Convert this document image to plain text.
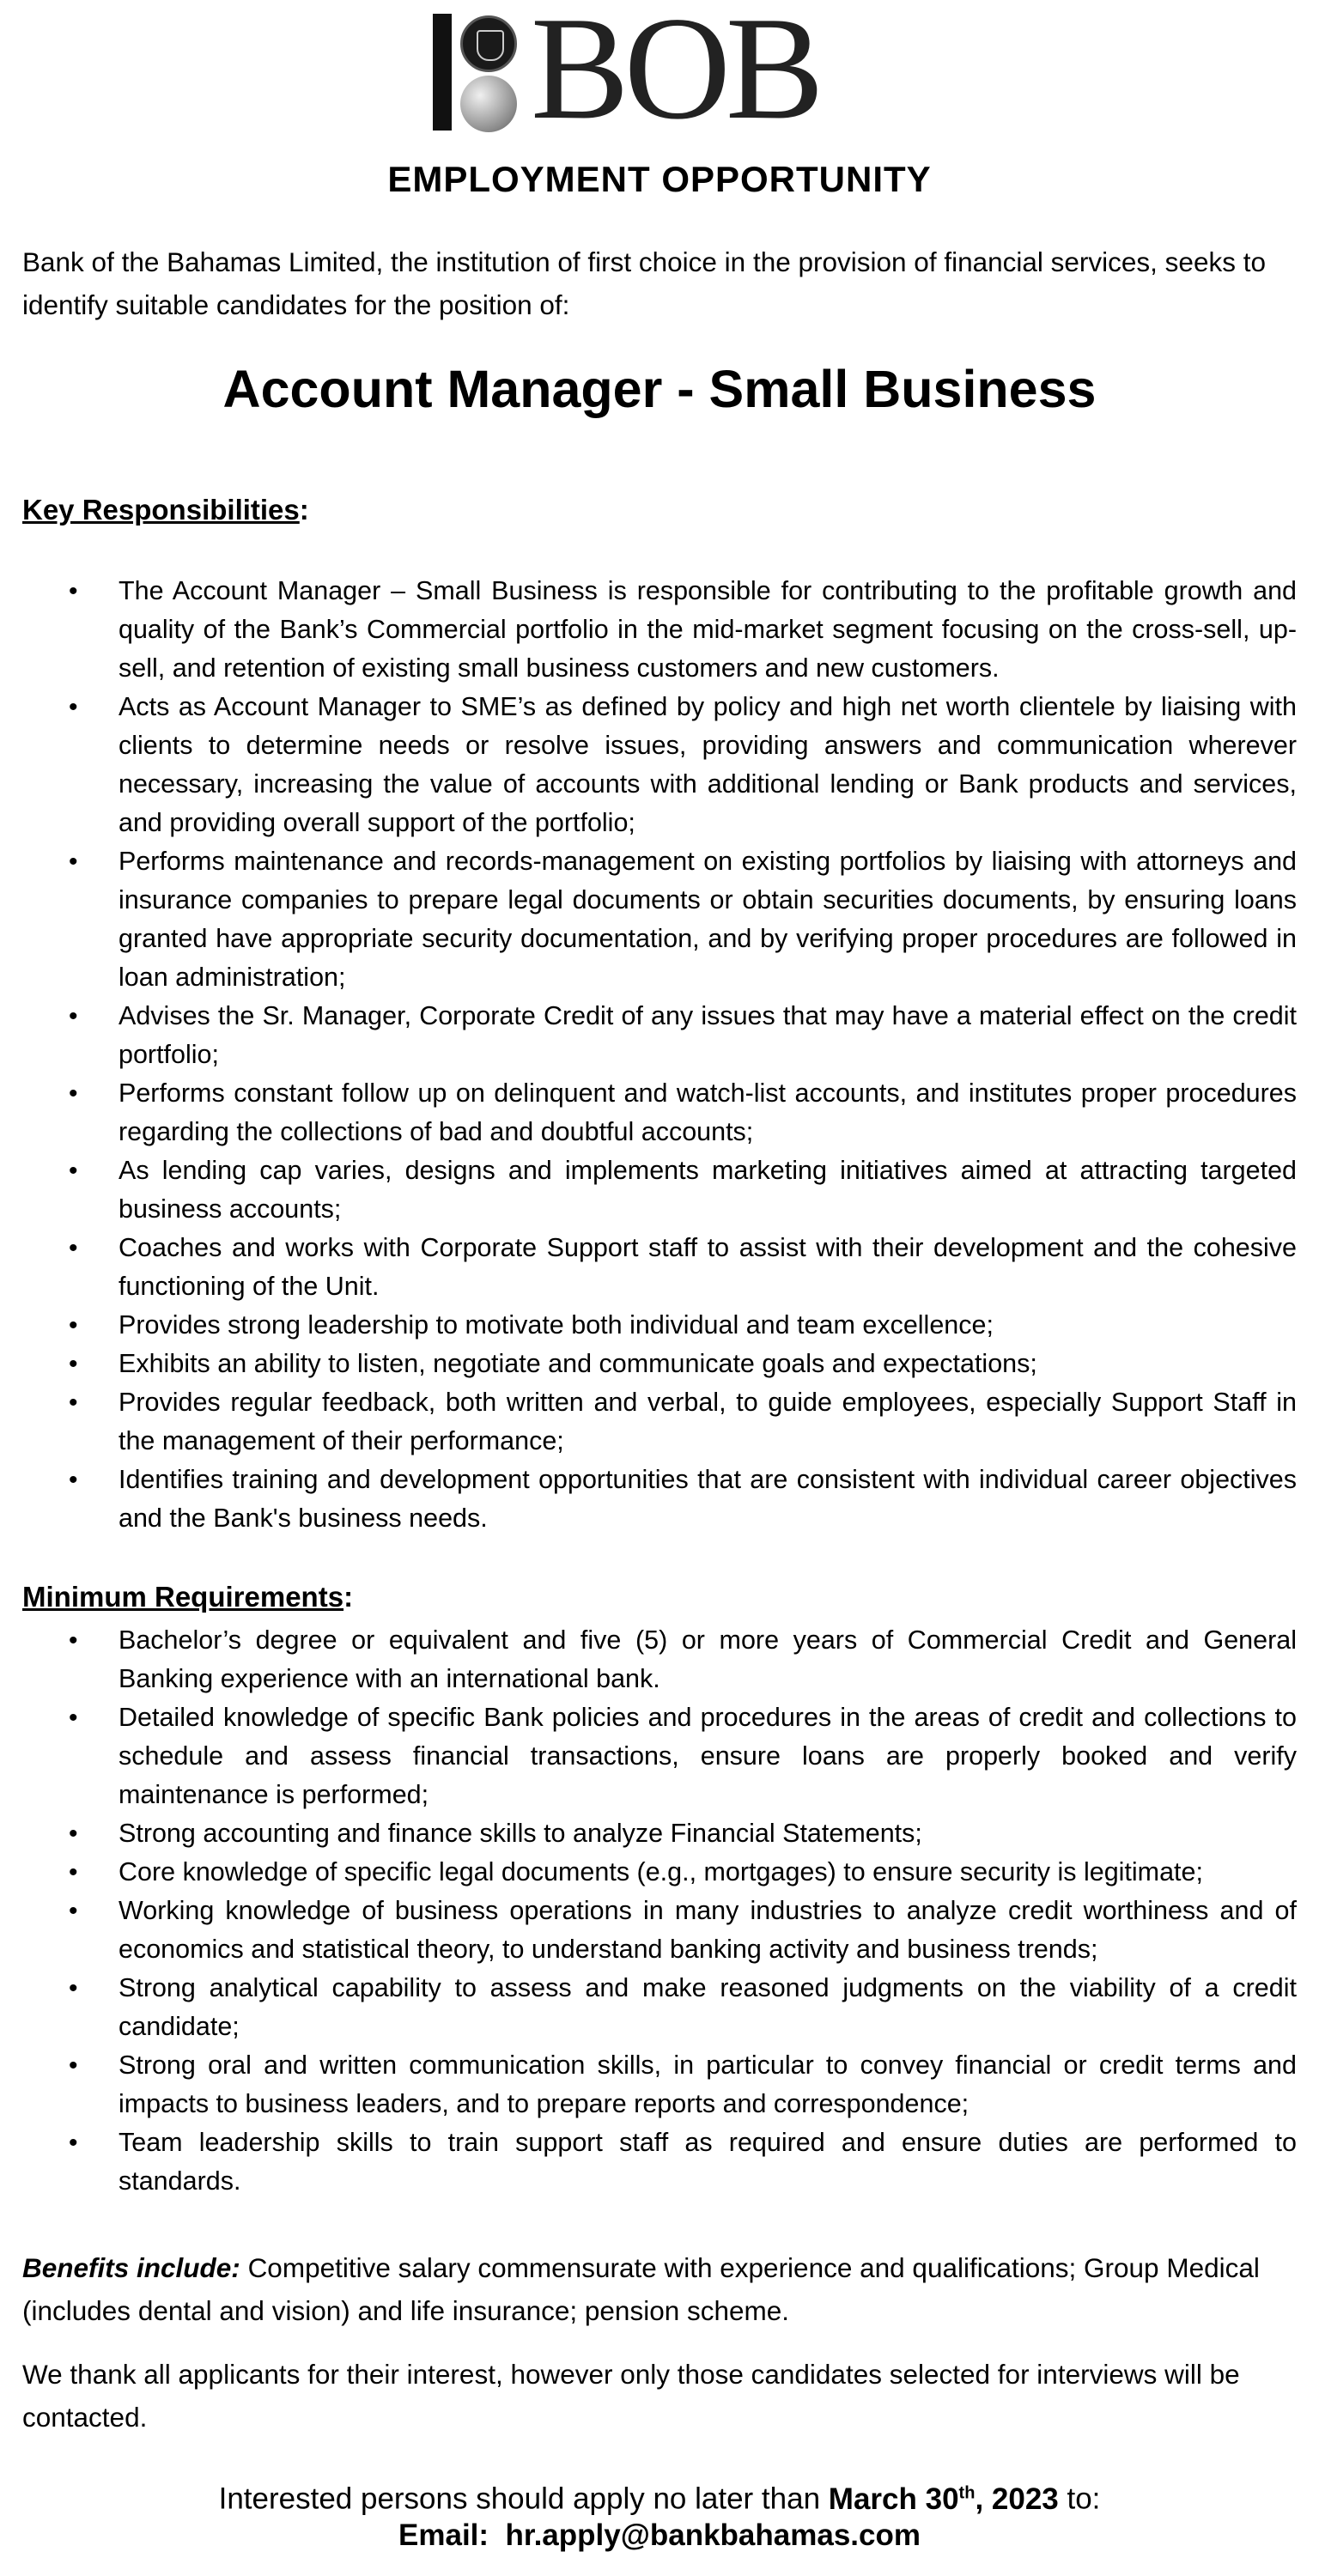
BOB
EMPLOYMENT OPPORTUNITY
Bank of the Bahamas Limited, the institution of first choice in the provision of financial services, seeks to identify suitable candidates for the position of:
Account Manager - Small Business
Key Responsibilities:
• The Account Manager – Small Business is responsible for contributing to the profitable growth and quality of the Bank’s Commercial portfolio in the mid-market segment focusing on the cross-sell, up-sell, and retention of existing small business customers and new customers.
• Acts as Account Manager to SME’s as defined by policy and high net worth clientele by liaising with clients to determine needs or resolve issues, providing answers and communication wherever necessary, increasing the value of accounts with additional lending or Bank products and services, and providing overall support of the portfolio;
• Performs maintenance and records-management on existing portfolios by liaising with attorneys and insurance companies to prepare legal documents or obtain securities documents, by ensuring loans granted have appropriate security documentation, and by verifying proper procedures are followed in loan administration;
• Advises the Sr. Manager, Corporate Credit of any issues that may have a material effect on the credit portfolio;
• Performs constant follow up on delinquent and watch-list accounts, and institutes proper procedures regarding the collections of bad and doubtful accounts;
• As lending cap varies, designs and implements marketing initiatives aimed at attracting targeted business accounts;
• Coaches and works with Corporate Support staff to assist with their development and the cohesive functioning of the Unit.
• Provides strong leadership to motivate both individual and team excellence;
• Exhibits an ability to listen, negotiate and communicate goals and expectations;
• Provides regular feedback, both written and verbal, to guide employees, especially Support Staff in the management of their performance;
• Identifies training and development opportunities that are consistent with individual career objectives and the Bank's business needs.
Minimum Requirements:
• Bachelor’s degree or equivalent and five (5) or more years of Commercial Credit and General Banking experience with an international bank.
• Detailed knowledge of specific Bank policies and procedures in the areas of credit and collections to schedule and assess financial transactions, ensure loans are properly booked and verify maintenance is performed;
• Strong accounting and finance skills to analyze Financial Statements;
• Core knowledge of specific legal documents (e.g., mortgages) to ensure security is legitimate;
• Working knowledge of business operations in many industries to analyze credit worthiness and of economics and statistical theory, to understand banking activity and business trends;
• Strong analytical capability to assess and make reasoned judgments on the viability of a credit candidate;
• Strong oral and written communication skills, in particular to convey financial or credit terms and impacts to business leaders, and to prepare reports and correspondence;
• Team leadership skills to train support staff as required and ensure duties are performed to standards.
Benefits include: Competitive salary commensurate with experience and qualifications; Group Medical (includes dental and vision) and life insurance; pension scheme.
We thank all applicants for their interest, however only those candidates selected for interviews will be contacted.
Interested persons should apply no later than March 30th, 2023 to:
Email: hr.apply@bankbahamas.com
